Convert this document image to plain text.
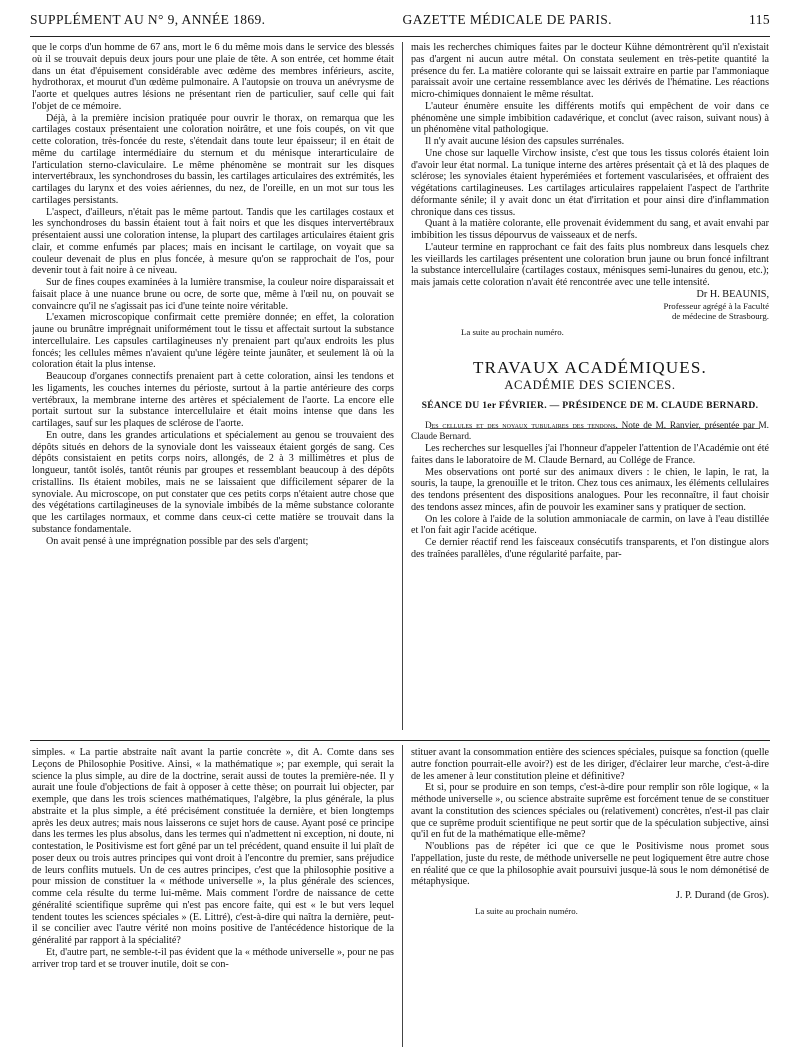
SUPPLÉMENT AU N° 9, ANNÉE 1869.	GAZETTE MÉDICALE DE PARIS.	115

que le corps d'un homme de 67 ans, mort le 6 du même mois dans le service des blessés où il se trouvait depuis deux jours pour une plaie de tête. A son entrée, cet homme était dans un état d'épuisement considérable avec œdème des membres inférieurs, ascite, hydrothorax, et mourut d'un œdème pulmonaire. A l'autopsie on trouva un anévrysme de l'aorte et quelques autres lésions ne présentant rien de particulier, sauf celle qui fait l'objet de ce mémoire.

Déjà, à la première incision pratiquée pour ouvrir le thorax, on remarqua que les cartilages costaux présentaient une coloration noirâtre, et une fois coupés, on vit que cette coloration, très-foncée du reste, s'étendait dans toute leur épaisseur; il en était de même du cartilage intermédiaire du sternum et du ménisque interarticulaire de l'articulation sterno-claviculaire. Le même phénomène se montrait sur les disques intervertébraux, les synchondroses du bassin, les cartilages articulaires des extrémités, les cartilages du larynx et des voies aériennes, du nez, de l'oreille, en un mot sur tous les cartilages persistants.

L'aspect, d'ailleurs, n'était pas le même partout. Tandis que les cartilages costaux et les synchondroses du bassin étaient tout à fait noirs et que les disques intervertébraux présentaient aussi une coloration intense, la plupart des cartilages articulaires étaient gris clair, et comme enfumés par places; mais en incisant le cartilage, on voyait que sa couleur devenait de plus en plus foncée, à mesure qu'on se rapprochait de l'os, pour devenir tout à fait noire à ce niveau.

Sur de fines coupes examinées à la lumière transmise, la couleur noire disparaissait et faisait place à une nuance brune ou ocre, de sorte que, même à l'œil nu, on pouvait se convaincre qu'il ne s'agissait pas ici d'une teinte noire véritable.

L'examen microscopique confirmait cette première donnée; en effet, la coloration jaune ou brunâtre imprégnait uniformément tout le tissu et affectait surtout la substance intercellulaire. Les capsules cartilagineuses n'y prenaient part qu'aux endroits les plus foncés; les cellules mêmes n'avaient qu'une légère teinte jaunâter, et seulement là où la coloration était la plus intense.

Beaucoup d'organes connectifs prenaient part à cette coloration, ainsi les tendons et les ligaments, les couches internes du périoste, surtout à la partie antérieure des corps vertébraux, la membrane interne des artères et spécialement de l'aorte. La encore elle portait surtout sur la substance intercellulaire et était moins intense que dans les cartilages, sauf sur les plaques de sclérose de l'aorte.

En outre, dans les grandes articulations et spécialement au genou se trouvaient des dépôts situés en dehors de la synoviale dont les vaisseaux étaient gorgés de sang. Ces dépôts consistaient en petits corps noirs, allongés, de 2 à 3 millimètres et plus de longueur, tantôt isolés, tantôt réunis par groupes et ressemblant beaucoup à des dépôts cristallins. Ils étaient mobiles, mais ne se laissaient que difficilement séparer de la synoviale. Au microscope, on put constater que ces petits corps n'étaient autre chose que des végétations cartilagineuses de la synoviale imbibés de la même substance colorante que les cartilages normaux, et comme dans ceux-ci cette matière se trouvait dans la substance fondamentale.

On avait pensé à une imprégnation possible par des sels d'argent;

mais les recherches chimiques faites par le docteur Kühne démontrèrent qu'il n'existait pas d'argent ni aucun autre métal. On constata seulement en très-petite quantité la présence du fer. La matière colorante qui se laissait extraire en partie par l'ammoniaque paraissait avoir une certaine ressemblance avec les dérivés de l'hématine. Les réactions micro-chimiques donnaient le même résultat.

L'auteur énumère ensuite les différents motifs qui empêchent de voir dans ce phénomène une simple imbibition cadavérique, et conclut (avec raison, suivant nous) à un phénomène vital pathologique.

Il n'y avait aucune lésion des capsules surrénales.

Une chose sur laquelle Virchow insiste, c'est que tous les tissus colorés étaient loin d'avoir leur état normal. La tunique interne des artères présentait çà et là des plaques de sclérose; les synoviales étaient hyperémiées et fortement vascularisées, et offraient des végétations cartilagineuses. Les cartilages articulaires rappelaient l'aspect de l'arthrite déformante sénile; il y avait donc un état d'irritation et pour ainsi dire d'inflammation chronique dans ces tissus.

Quant à la matière colorante, elle provenait évidemment du sang, et avait envahi par imbibition les tissus dépourvus de vaisseaux et de nerfs.

L'auteur termine en rapprochant ce fait des faits plus nombreux dans lesquels chez les vieillards les cartilages présentent une coloration brun jaune ou brun foncé infiltrant la substance intercellulaire (cartilages costaux, ménisques semi-lunaires du genou, etc.); mais jamais cette coloration n'avait été rencontrée avec une telle intensité.

Dr H. BEAUNIS,

Professeur agrégé à la Faculté

de médecine de Strasbourg.

La suite au prochain numéro.

TRAVAUX ACADÉMIQUES.
ACADÉMIE DES SCIENCES.
SÉANCE DU 1er FÉVRIER. — PRÉSIDENCE DE M. CLAUDE BERNARD.

Des cellules et des noyaux tubulaires des tendons. Note de M. Ranvier, présentée par M. Claude Bernard.

Les recherches sur lesquelles j'ai l'honneur d'appeler l'attention de l'Académie ont été faites dans le laboratoire de M. Claude Bernard, au Collége de France.

Mes observations ont porté sur des animaux divers : le chien, le lapin, le rat, la souris, la taupe, la grenouille et le triton. Chez tous ces animaux, les éléments cellulaires des tendons présentent des dispositions analogues. Pour les reconnaître, il faut choisir des tendons assez minces, afin de pouvoir les examiner sans y pratiquer de section.

On les colore à l'aide de la solution ammoniacale de carmin, on lave à l'eau distillée et l'on fait agir l'acide acétique.

Ce dernier réactif rend les faisceaux consécutifs transparents, et l'on distingue alors des traînées parallèles, d'une régularité parfaite, par-

simples. « La partie abstraite naît avant la partie concrète », dit A. Comte dans ses Leçons de Philosophie Positive. Ainsi, « la mathématique »; par exemple, qui serait la science la plus simple, au dire de la doctrine, serait aussi de toutes la première-née. Il y aurait une foule d'objections de fait à opposer à cette thèse; on pourrait lui objecter, par exemple, que dans les trois sciences mathématiques, l'algèbre, la plus générale, la plus abstraite et la plus simple, a été précisément constituée la dernière, et bien longtemps après les deux autres; mais nous laisserons ce sujet hors de cause. Ayant posé ce principe dans les termes les plus absolus, dans les termes qui n'admettent ni exception, ni doute, ni contestation, le Positivisme est fort gêné par un tel précédent, quand ensuite il lui plaît de poser deux ou trois autres principes qui vont droit à l'encontre du premier, sans préjudice de leurs conflits mutuels. Un de ces autres principes, c'est que la philosophie positive a pour mission de constituer la « méthode universelle », la plus générale des sciences, comme cela résulte du terme lui-même. Mais comment l'ordre de naissance de cette généralité scientifique suprême qui n'est pas encore faite, qui est « le but vers lequel tendent toutes les sciences spéciales » (E. Littré), c'est-à-dire qui naîtra la dernière, peut-il se concilier avec l'autre vérité non moins positive de l'antécédence historique de la généralité par rapport à la spécialité?

Et, d'autre part, ne semble-t-il pas évident que la « méthode universelle », pour ne pas arriver trop tard et se trouver inutile, doit se con-

stituer avant la consommation entière des sciences spéciales, puisque sa fonction (quelle autre fonction pourrait-elle avoir?) est de les diriger, d'éclairer leur marche, c'est-à-dire de les amener à leur constitution pleine et définitive?

Et si, pour se produire en son temps, c'est-à-dire pour remplir son rôle logique, « la méthode universelle », ou science abstraite suprême est forcément tenue de se constituer avant la constitution des sciences spéciales ou (relativement) concrètes, n'est-il pas clair que ce suprême produit scientifique ne peut sortir que de la spéculation subjective, ainsi qu'il en fut de la mathématique elle-même?

N'oublions pas de répéter ici que ce que le Positivisme nous promet sous l'appellation, juste du reste, de méthode universelle ne peut logiquement être autre chose en réalité que ce que la philosophie avait poursuivi jusque-là sous le nom démonétisé de métaphysique.

J. P. Durand (de Gros).

La suite au prochain numéro.
